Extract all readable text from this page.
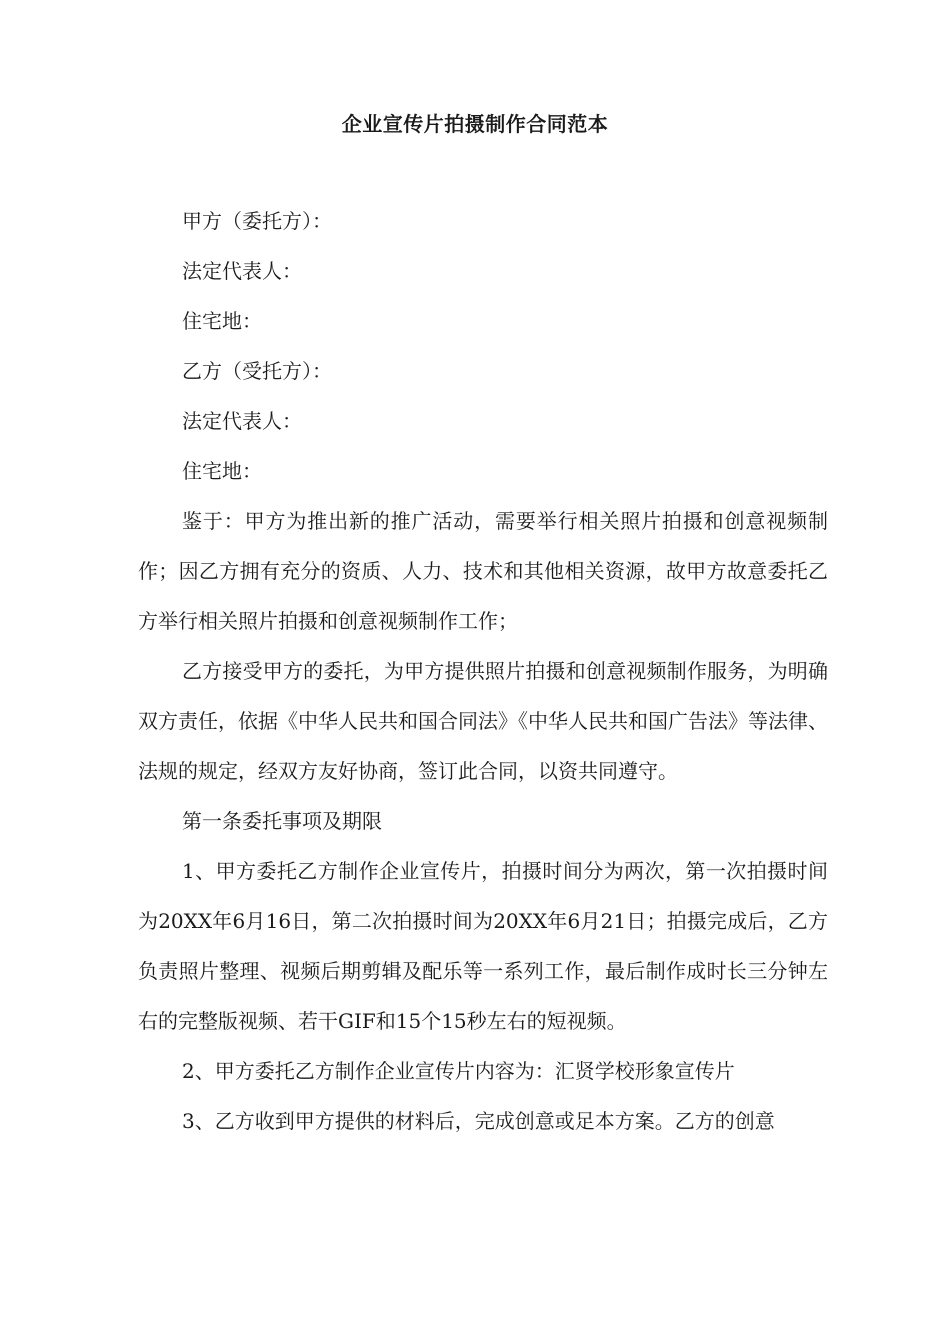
企业宣传片拍摄制作合同范本

甲方（委托方）：

法定代表人：

住宅地：

乙方（受托方）：

法定代表人：

住宅地：

鉴于：甲方为推出新的推广活动，需要举行相关照片拍摄和创意视频制作；因乙方拥有充分的资质、人力、技术和其他相关资源，故甲方故意委托乙方举行相关照片拍摄和创意视频制作工作；

乙方接受甲方的委托，为甲方提供照片拍摄和创意视频制作服务，为明确双方责任，依据《中华人民共和国合同法》《中华人民共和国广告法》等法律、法规的规定，经双方友好协商，签订此合同，以资共同遵守。

第一条委托事项及期限

1、甲方委托乙方制作企业宣传片，拍摄时间分为两次，第一次拍摄时间为20XX年6月16日，第二次拍摄时间为20XX年6月21日；拍摄完成后，乙方负责照片整理、视频后期剪辑及配乐等一系列工作，最后制作成时长三分钟左右的完整版视频、若干GIF和15个15秒左右的短视频。

2、甲方委托乙方制作企业宣传片内容为：汇贤学校形象宣传片

3、乙方收到甲方提供的材料后，完成创意或足本方案。乙方的创意
